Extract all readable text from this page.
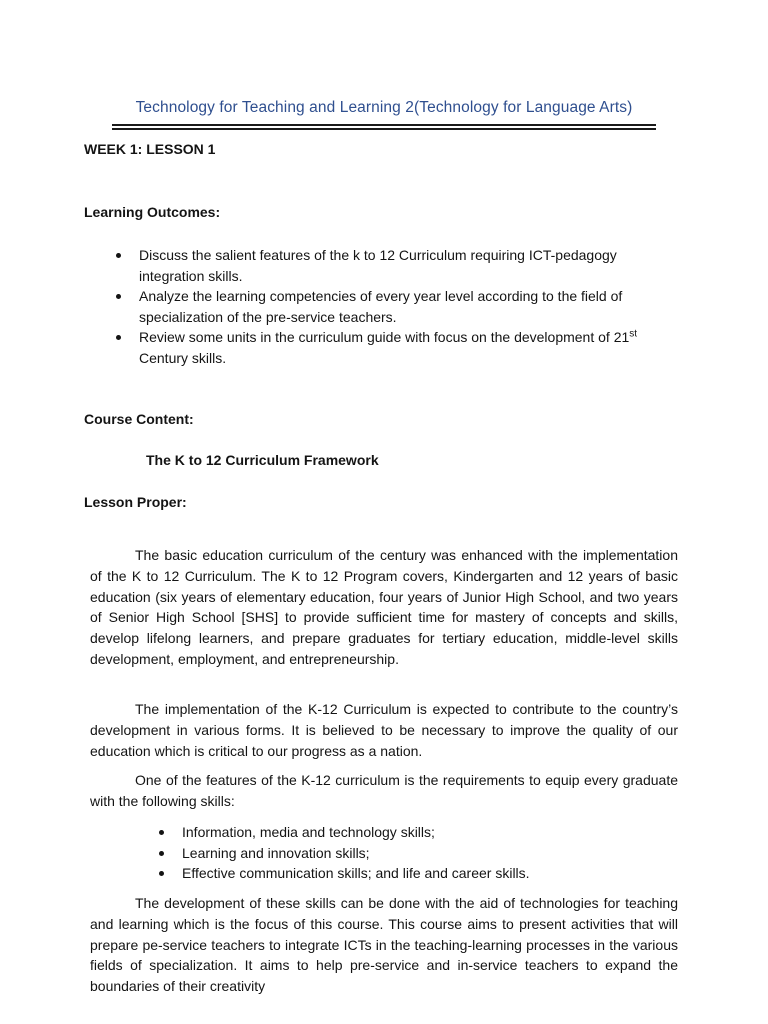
Technology for Teaching and Learning 2(Technology for Language Arts)
WEEK 1: LESSON 1
Learning Outcomes:
Discuss the salient features of the k to 12 Curriculum requiring ICT-pedagogy integration skills.
Analyze the learning competencies of every year level according to the field of specialization of the pre-service teachers.
Review some units in the curriculum guide with focus on the development of 21st Century skills.
Course Content:
The K to 12 Curriculum Framework
Lesson Proper:

The basic education curriculum of the century was enhanced with the implementation of the K to 12 Curriculum. The K to 12 Program covers, Kindergarten and 12 years of basic education (six years of elementary education, four years of Junior High School, and two years of Senior High School [SHS] to provide sufficient time for mastery of concepts and skills, develop lifelong learners, and prepare graduates for tertiary education, middle-level skills development, employment, and entrepreneurship.

The implementation of the K-12 Curriculum is expected to contribute to the country’s development in various forms. It is believed to be necessary to improve the quality of our education which is critical to our progress as a nation.

One of the features of the K-12 curriculum is the requirements to equip every graduate with the following skills:

Information, media and technology skills;
Learning and innovation skills;
Effective communication skills; and life and career skills.

The development of these skills can be done with the aid of technologies for teaching and learning which is the focus of this course. This course aims to present activities that will prepare pe-service teachers to integrate ICTs in the teaching-learning processes in the various fields of specialization. It aims to help pre-service and in-service teachers to expand the boundaries of their creativity
